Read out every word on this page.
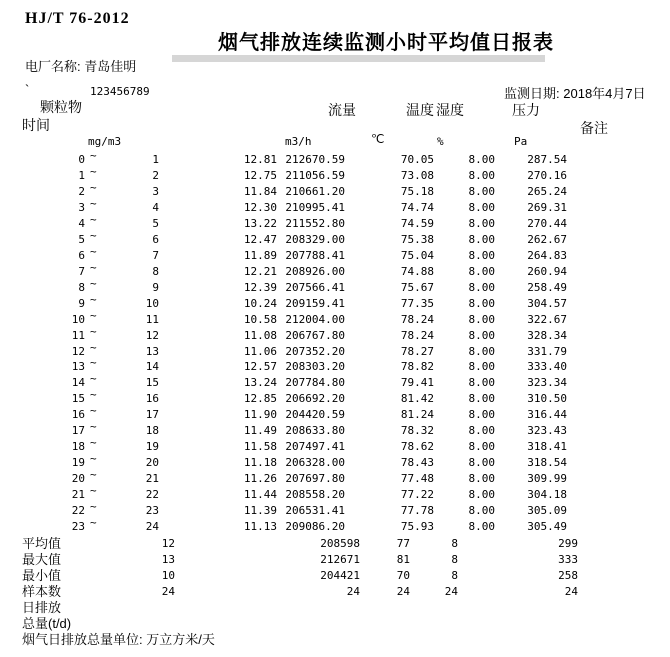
HJ/T 76-2012
烟气排放连续监测小时平均值日报表
电厂名称: 青岛佳明
`	123456789	监测日期: 2018年4月7日
颗粒物
时间
流量	温度 湿度	压力
备注
mg/m3	m3/h	℃	%	Pa
0 ~	1	12.81 212670.59	70.05	8.00	287.54
1 ~	2	12.75 211056.59	73.08	8.00	270.16
2 ~	3	11.84 210661.20	75.18	8.00	265.24
3 ~	4	12.30 210995.41	74.74	8.00	269.31
4 ~	5	13.22 211552.80	74.59	8.00	270.44
5 ~	6	12.47 208329.00	75.38	8.00	262.67
6 ~	7	11.89 207788.41	75.04	8.00	264.83
7 ~	8	12.21 208926.00	74.88	8.00	260.94
8 ~	9	12.39 207566.41	75.67	8.00	258.49
9 ~	10	10.24 209159.41	77.35	8.00	304.57
10 ~	11	10.58 212004.00	78.24	8.00	322.67
11 ~	12	11.08 206767.80	78.24	8.00	328.34
12 ~	13	11.06 207352.20	78.27	8.00	331.79
13 ~	14	12.57 208303.20	78.82	8.00	333.40
14 ~	15	13.24 207784.80	79.41	8.00	323.34
15 ~	16	12.85 206692.20	81.42	8.00	310.50
16 ~	17	11.90 204420.59	81.24	8.00	316.44
17 ~	18	11.49 208633.80	78.32	8.00	323.43
18 ~	19	11.58 207497.41	78.62	8.00	318.41
19 ~	20	11.18 206328.00	78.43	8.00	318.54
20 ~	21	11.26 207697.80	77.48	8.00	309.99
21 ~	22	11.44 208558.20	77.22	8.00	304.18
22 ~	23	11.39 206531.41	77.78	8.00	305.09
23 ~	24	11.13 209086.20	75.93	8.00	305.49
平均值	12	208598	77	8	299
最大值	13	212671	81	8	333
最小值	10	204421	70	8	258
样本数	24	24	24	24	24
日排放
总量(t/d)
烟气日排放总量单位: 万立方米/天
